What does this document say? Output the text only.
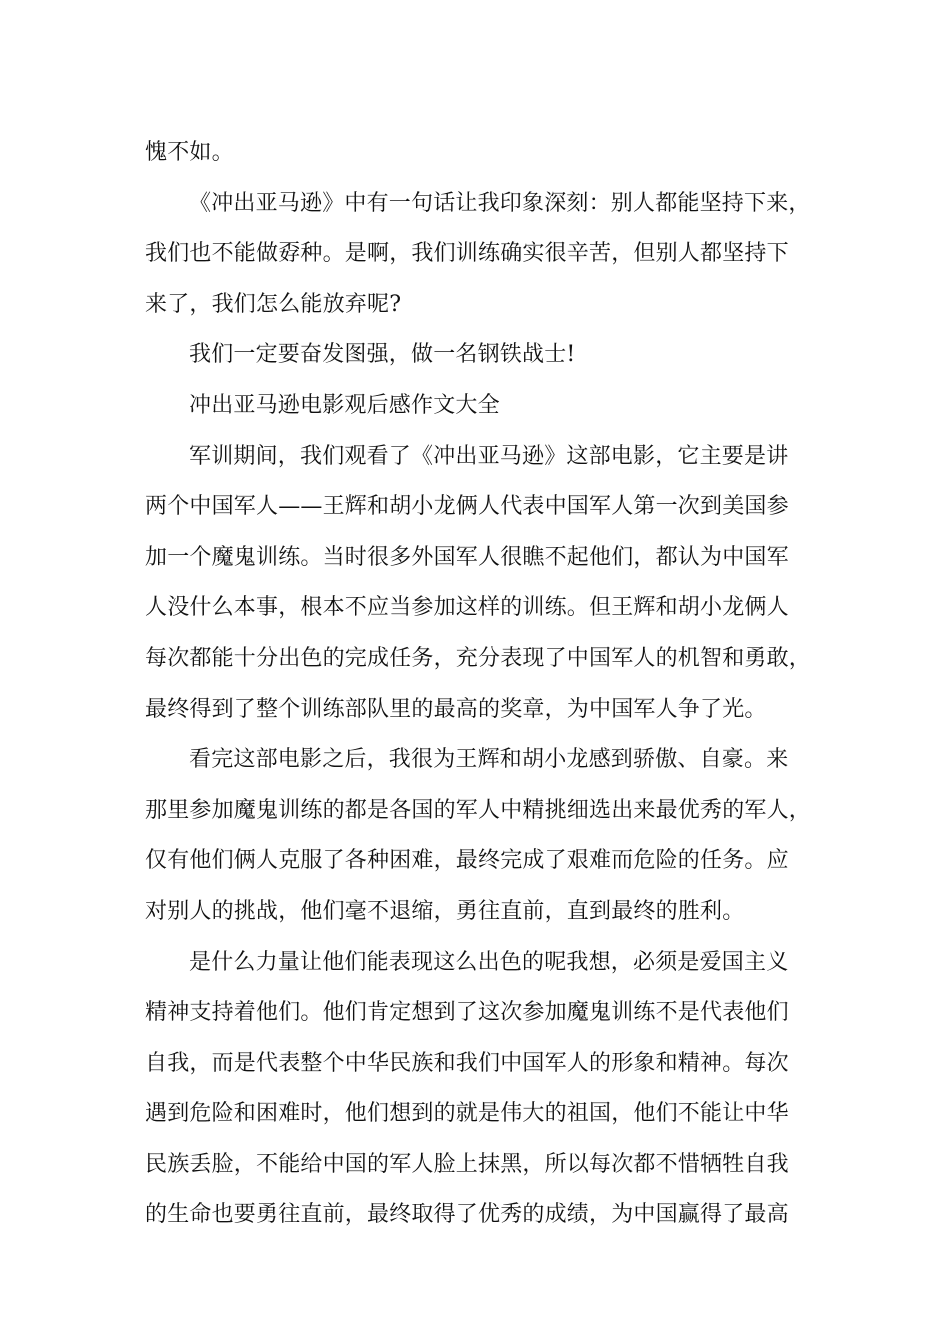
愧不如。
《冲出亚马逊》中有一句话让我印象深刻：别人都能坚持下来，
我们也不能做孬种。是啊，我们训练确实很辛苦，但别人都坚持下
来了，我们怎么能放弃呢?
我们一定要奋发图强，做一名钢铁战士!
冲出亚马逊电影观后感作文大全
军训期间，我们观看了《冲出亚马逊》这部电影，它主要是讲
两个中国军人——王辉和胡小龙俩人代表中国军人第一次到美国参
加一个魔鬼训练。当时很多外国军人很瞧不起他们，都认为中国军
人没什么本事，根本不应当参加这样的训练。但王辉和胡小龙俩人
每次都能十分出色的完成任务，充分表现了中国军人的机智和勇敢，
最终得到了整个训练部队里的最高的奖章，为中国军人争了光。
看完这部电影之后，我很为王辉和胡小龙感到骄傲、自豪。来
那里参加魔鬼训练的都是各国的军人中精挑细选出来最优秀的军人，
仅有他们俩人克服了各种困难，最终完成了艰难而危险的任务。应
对别人的挑战，他们毫不退缩，勇往直前，直到最终的胜利。
是什么力量让他们能表现这么出色的呢我想，必须是爱国主义
精神支持着他们。他们肯定想到了这次参加魔鬼训练不是代表他们
自我，而是代表整个中华民族和我们中国军人的形象和精神。每次
遇到危险和困难时，他们想到的就是伟大的祖国，他们不能让中华
民族丢脸，不能给中国的军人脸上抹黑，所以每次都不惜牺牲自我
的生命也要勇往直前，最终取得了优秀的成绩，为中国赢得了最高
